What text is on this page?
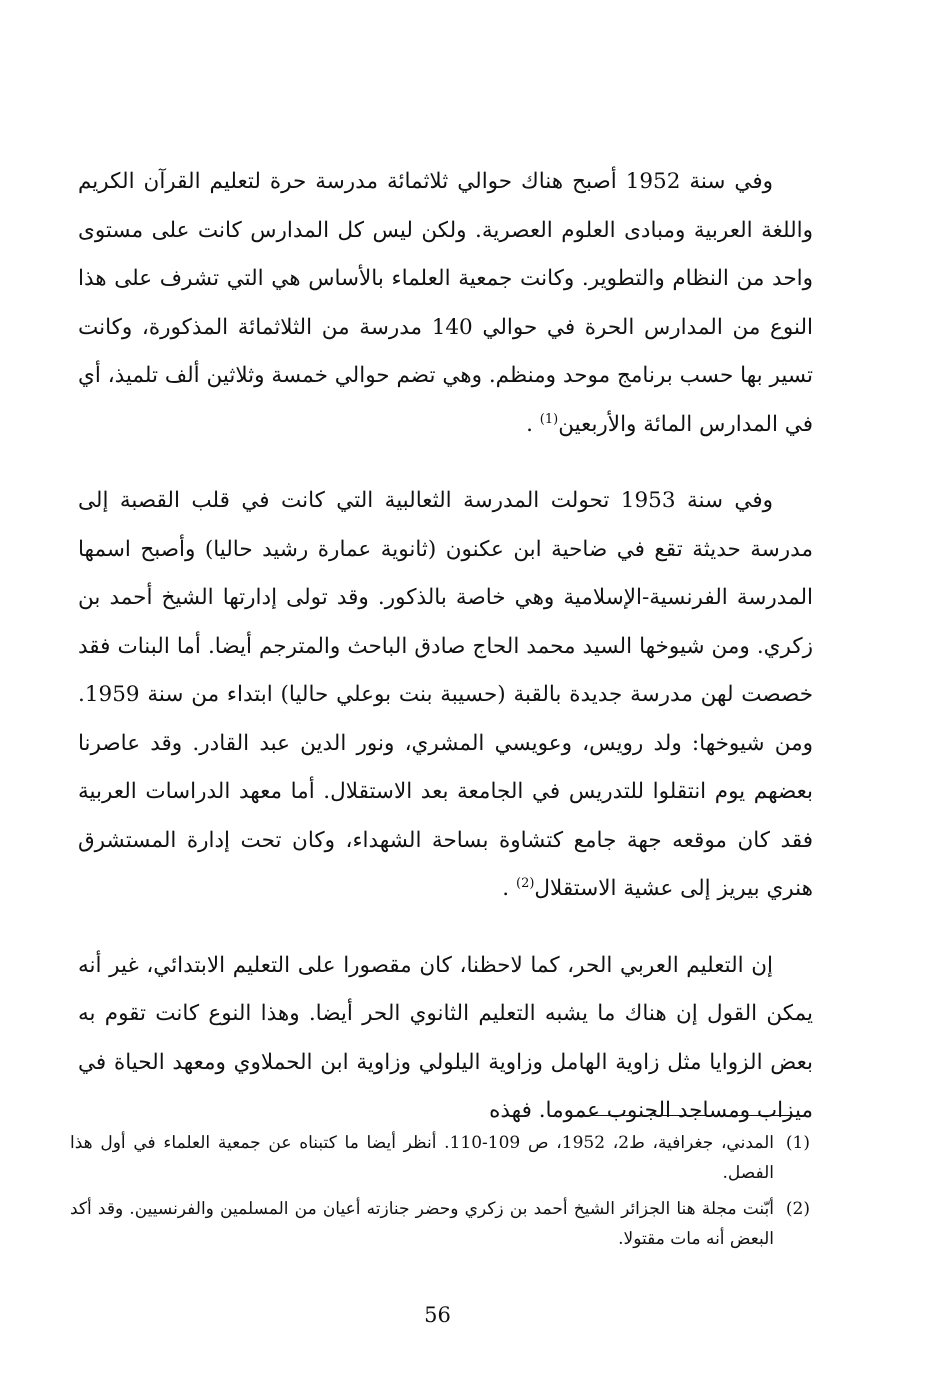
وفي سنة 1952 أصبح هناك حوالي ثلاثمائة مدرسة حرة لتعليم القرآن الكريم واللغة العربية ومبادى العلوم العصرية. ولكن ليس كل المدارس كانت على مستوى واحد من النظام والتطوير. وكانت جمعية العلماء بالأساس هي التي تشرف على هذا النوع من المدارس الحرة في حوالي 140 مدرسة من الثلاثمائة المذكورة، وكانت تسير بها حسب برنامج موحد ومنظم. وهي تضم حوالي خمسة وثلاثين ألف تلميذ، أي في المدارس المائة والأربعين$^{(1)}$ .

وفي سنة 1953 تحولت المدرسة الثعالبية التي كانت في قلب القصبة إلى مدرسة حديثة تقع في ضاحية ابن عكنون (ثانوية عمارة رشيد حاليا) وأصبح اسمها المدرسة الفرنسية-الإسلامية وهي خاصة بالذكور. وقد تولى إدارتها الشيخ أحمد بن زكري. ومن شيوخها السيد محمد الحاج صادق الباحث والمترجم أيضا. أما البنات فقد خصصت لهن مدرسة جديدة بالقبة (حسيبة بنت بوعلي حاليا) ابتداء من سنة 1959. ومن شيوخها: ولد رويس، وعويسي المشري، ونور الدين عبد القادر. وقد عاصرنا بعضهم يوم انتقلوا للتدريس في الجامعة بعد الاستقلال. أما معهد الدراسات العربية فقد كان موقعه جهة جامع كتشاوة بساحة الشهداء، وكان تحت إدارة المستشرق هنري بيريز إلى عشية الاستقلال$^{(2)}$ .

إن التعليم العربي الحر، كما لاحظنا، كان مقصورا على التعليم الابتدائي، غير أنه يمكن القول إن هناك ما يشبه التعليم الثانوي الحر أيضا. وهذا النوع كانت تقوم به بعض الزوايا مثل زاوية الهامل وزاوية اليلولي وزاوية ابن الحملاوي ومعهد الحياة في ميزاب ومساجد الجنوب عموما. فهذه

(1)
المدني، جغرافية، ط2، 1952، ص 109-110. أنظر أيضا ما كتبناه عن جمعية العلماء في أول هذا الفصل.
(2)
أبّنت مجلة هنا الجزائر الشيخ أحمد بن زكري وحضر جنازته أعيان من المسلمين والفرنسيين. وقد أكد البعض أنه مات مقتولا.
56
